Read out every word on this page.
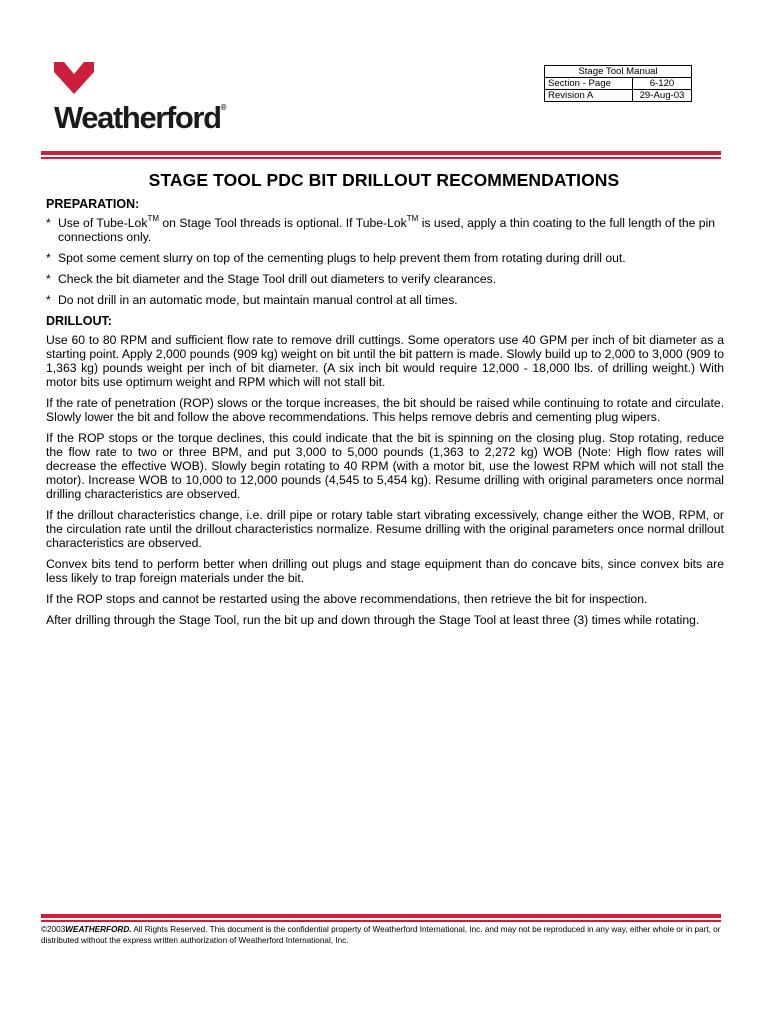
Weatherford®
Stage Tool Manual	
Section - Page	6-120
Revision A	29-Aug-03
STAGE TOOL PDC BIT DRILLOUT RECOMMENDATIONS
PREPARATION:
* Use of Tube-Lok™ on Stage Tool threads is optional. If Tube-Lok™ is used, apply a thin coating to the full length of the pin connections only.
* Spot some cement slurry on top of the cementing plugs to help prevent them from rotating during drill out.
* Check the bit diameter and the Stage Tool drill out diameters to verify clearances.
* Do not drill in an automatic mode, but maintain manual control at all times.
DRILLOUT:
Use 60 to 80 RPM and sufficient flow rate to remove drill cuttings. Some operators use 40 GPM per inch of bit diameter as a starting point. Apply 2,000 pounds (909 kg) weight on bit until the bit pattern is made. Slowly build up to 2,000 to 3,000 (909 to 1,363 kg) pounds weight per inch of bit diameter. (A six inch bit would require 12,000 - 18,000 lbs. of drilling weight.) With motor bits use optimum weight and RPM which will not stall bit.
If the rate of penetration (ROP) slows or the torque increases, the bit should be raised while continuing to rotate and circulate. Slowly lower the bit and follow the above recommendations. This helps remove debris and cementing plug wipers.
If the ROP stops or the torque declines, this could indicate that the bit is spinning on the closing plug. Stop rotating, reduce the flow rate to two or three BPM, and put 3,000 to 5,000 pounds (1,363 to 2,272 kg) WOB (Note: High flow rates will decrease the effective WOB). Slowly begin rotating to 40 RPM (with a motor bit, use the lowest RPM which will not stall the motor). Increase WOB to 10,000 to 12,000 pounds (4,545 to 5,454 kg). Resume drilling with original parameters once normal drilling characteristics are observed.
If the drillout characteristics change, i.e. drill pipe or rotary table start vibrating excessively, change either the WOB, RPM, or the circulation rate until the drillout characteristics normalize. Resume drilling with the original parameters once normal drillout characteristics are observed.
Convex bits tend to perform better when drilling out plugs and stage equipment than do concave bits, since convex bits are less likely to trap foreign materials under the bit.
If the ROP stops and cannot be restarted using the above recommendations, then retrieve the bit for inspection.
After drilling through the Stage Tool, run the bit up and down through the Stage Tool at least three (3) times while rotating.
©2003WEATHERFORD. All Rights Reserved. This document is the confidential property of Weatherford International, Inc. and may not be reproduced in any way, either whole or in part, or distributed without the express written authorization of Weatherford International, Inc.
